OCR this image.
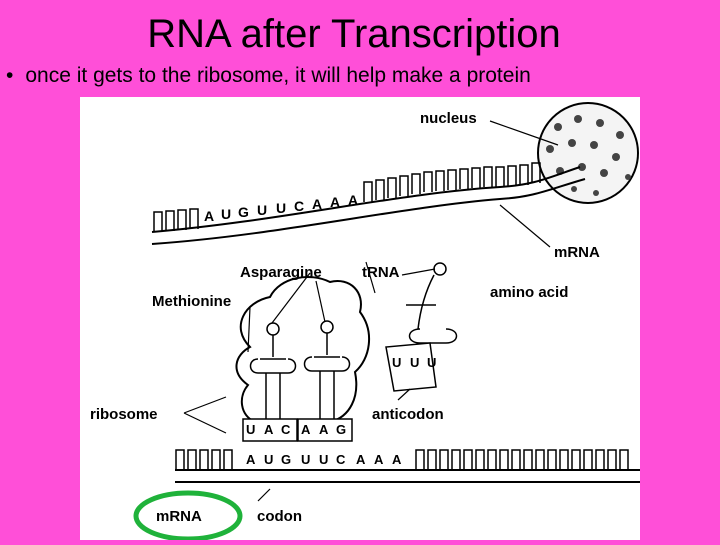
RNA after Transcription
• once it gets to the ribosome, it will help make a protein
A U G U U C A A A
U A C A A G
U U U
A U G U U C A A A
nucleus
mRNA
Asparagine	tRNA
amino acid
Methionine
ribosome	anticodon
mRNA	codon
